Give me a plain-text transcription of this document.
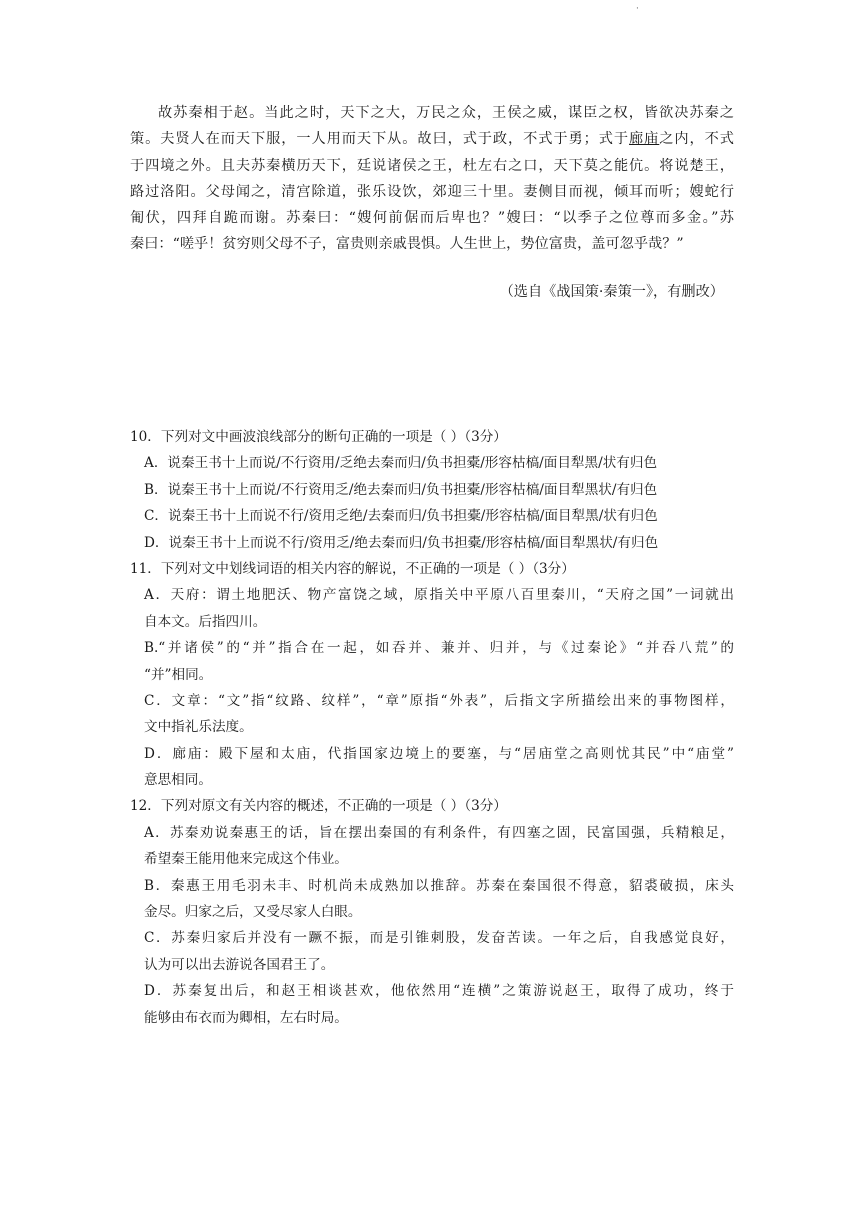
·
故苏秦相于赵。当此之时，天下之大，万民之众，王侯之威，谋臣之权，皆欲决苏秦之
策。夫贤人在而天下服，一人用而天下从。故曰，式于政，不式于勇；式于廊庙之内，不式
于四境之外。且夫苏秦横历天下，廷说诸侯之王，杜左右之口，天下莫之能伉。将说楚王，
路过洛阳。父母闻之，清宫除道，张乐设饮，郊迎三十里。妻侧目而视，倾耳而听；嫂蛇行
匍伏，四拜自跪而谢。苏秦曰：“嫂何前倨而后卑也？”嫂曰：“以季子之位尊而多金。”苏
秦曰：“嗟乎！贫穷则父母不子，富贵则亲戚畏惧。人生世上，势位富贵，盖可忽乎哉？”
（选自《战国策·秦策一》，有删改）
10．下列对文中画波浪线部分的断句正确的一项是（ ）（3分）
A．说秦王书十上而说/不行资用/乏绝去秦而归/负书担橐/形容枯槁/面目犁黑/状有归色
B．说秦王书十上而说/不行资用乏/绝去秦而归/负书担橐/形容枯槁/面目犁黑状/有归色
C．说秦王书十上而说不行/资用乏绝/去秦而归/负书担橐/形容枯槁/面目犁黑/状有归色
D．说秦王书十上而说不行/资用乏/绝去秦而归/负书担橐/形容枯槁/面目犁黑状/有归色
11．下列对文中划线词语的相关内容的解说，不正确的一项是（ ）（3分）
A．天府：谓土地肥沃、物产富饶之域，原指关中平原八百里秦川，“天府之国”一词就出
自本文。后指四川。
B.“并诸侯”的“并”指合在一起，如吞并、兼并、归并，与《过秦论》“并吞八荒”的
“并”相同。
C．文章：“文”指“纹路、纹样”，“章”原指“外表”，后指文字所描绘出来的事物图样，
文中指礼乐法度。
D．廊庙：殿下屋和太庙，代指国家边境上的要塞，与“居庙堂之高则忧其民”中“庙堂”
意思相同。
12．下列对原文有关内容的概述，不正确的一项是（ ）（3分）
A．苏秦劝说秦惠王的话，旨在摆出秦国的有利条件，有四塞之固，民富国强，兵精粮足，
希望秦王能用他来完成这个伟业。
B．秦惠王用毛羽未丰、时机尚未成熟加以推辞。苏秦在秦国很不得意，貂裘破损，床头
金尽。归家之后，又受尽家人白眼。
C．苏秦归家后并没有一蹶不振，而是引锥刺股，发奋苦读。一年之后，自我感觉良好，
认为可以出去游说各国君王了。
D．苏秦复出后，和赵王相谈甚欢，他依然用“连横”之策游说赵王，取得了成功，终于
能够由布衣而为卿相，左右时局。
